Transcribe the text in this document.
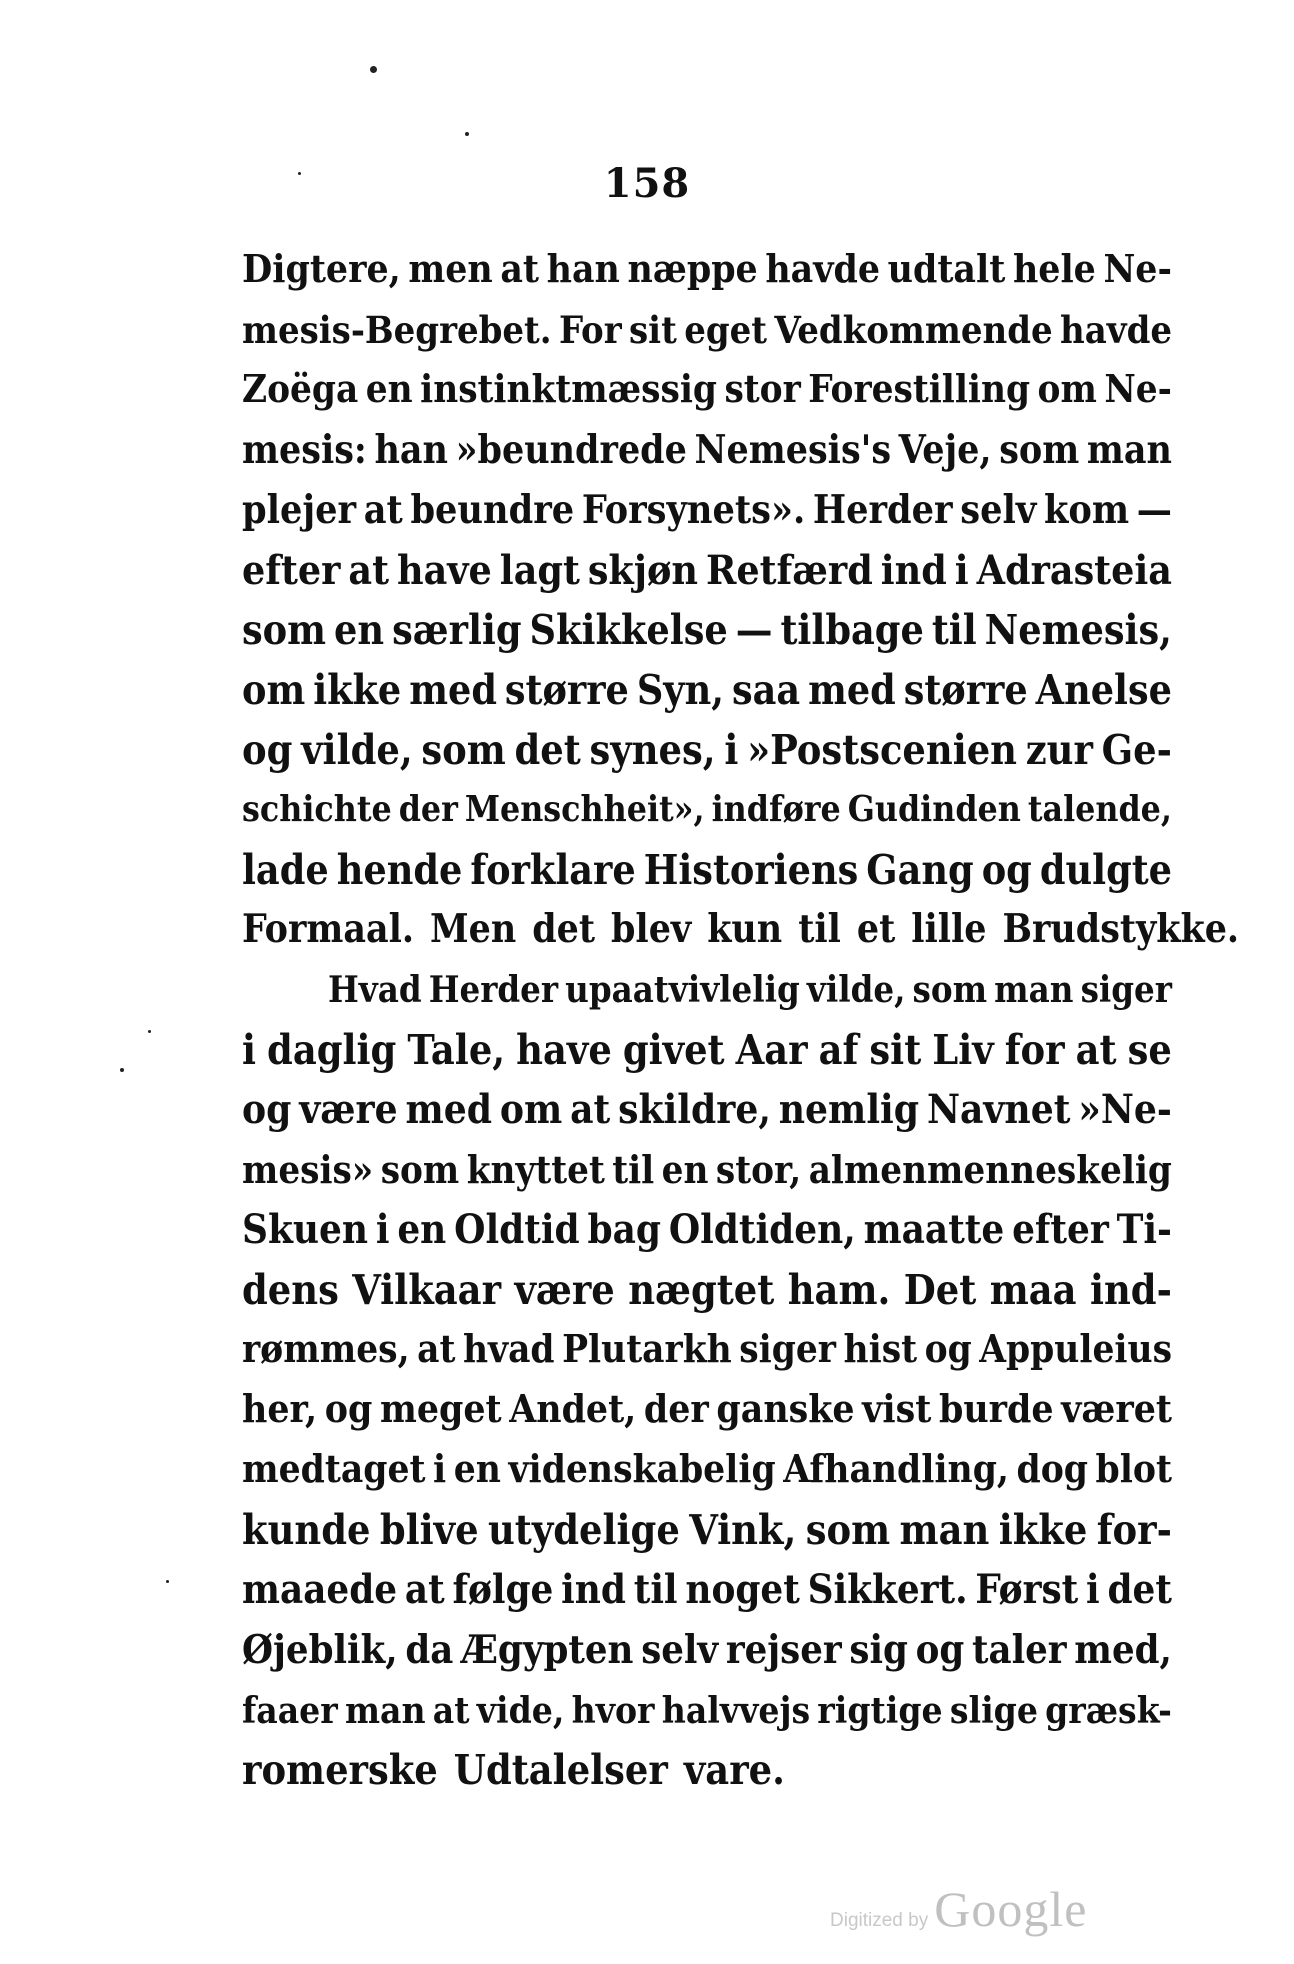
158
Digtere, men at han næppe havde udtalt hele Ne-
mesis-Begrebet. For sit eget Vedkommende havde
Zoëga en instinktmæssig stor Forestilling om Ne-
mesis: han »beundrede Nemesis's Veje, som man
plejer at beundre Forsynets». Herder selv kom —
efter at have lagt skjøn Retfærd ind i Adrasteia
som en særlig Skikkelse — tilbage til Nemesis,
om ikke med større Syn, saa med større Anelse
og vilde, som det synes, i »Postscenien zur Ge-
schichte der Menschheit», indføre Gudinden talende,
lade hende forklare Historiens Gang og dulgte
Formaal. Men det blev kun til et lille Brudstykke.
Hvad Herder upaatvivlelig vilde, som man siger
i daglig Tale, have givet Aar af sit Liv for at se
og være med om at skildre, nemlig Navnet »Ne-
mesis» som knyttet til en stor, almenmenneskelig
Skuen i en Oldtid bag Oldtiden, maatte efter Ti-
dens Vilkaar være nægtet ham. Det maa ind-
rømmes, at hvad Plutarkh siger hist og Appuleius
her, og meget Andet, der ganske vist burde været
medtaget i en videnskabelig Afhandling, dog blot
kunde blive utydelige Vink, som man ikke for-
maaede at følge ind til noget Sikkert. Først i det
Øjeblik, da Ægypten selv rejser sig og taler med,
faaer man at vide, hvor halvvejs rigtige slige græsk-
romerske Udtalelser vare.
Digitized by Google
